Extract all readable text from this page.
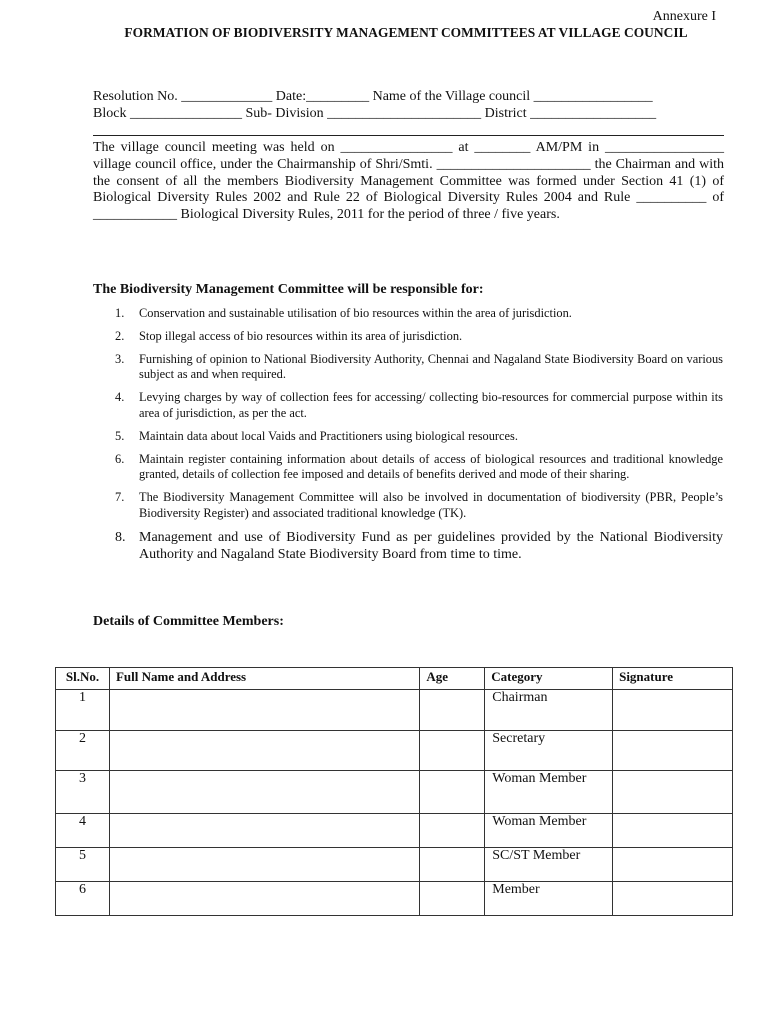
Annexure I
FORMATION OF BIODIVERSITY MANAGEMENT COMMITTEES AT VILLAGE COUNCIL
Resolution No. _____________ Date:_________ Name of the Village council _________________
Block ________________ Sub- Division ______________________ District __________________
The village council meeting was held on ________________ at ________ AM/PM in _________________ village council office, under the Chairmanship of Shri/Smti. ______________________ the Chairman and with the consent of all the members Biodiversity Management Committee was formed under Section 41 (1) of Biological Diversity Rules 2002 and Rule 22 of Biological Diversity Rules 2004 and Rule __________ of ____________ Biological Diversity Rules, 2011 for the period of three / five years.
The Biodiversity Management Committee will be responsible for:
1. Conservation and sustainable utilisation of bio resources within the area of jurisdiction.
2. Stop illegal access of bio resources within its area of jurisdiction.
3. Furnishing of opinion to National Biodiversity Authority, Chennai and Nagaland State Biodiversity Board on various subject as and when required.
4. Levying charges by way of collection fees for accessing/ collecting bio-resources for commercial purpose within its area of jurisdiction, as per the act.
5. Maintain data about local Vaids and Practitioners using biological resources.
6. Maintain register containing information about details of access of biological resources and traditional knowledge granted, details of collection fee imposed and details of benefits derived and mode of their sharing.
7. The Biodiversity Management Committee will also be involved in documentation of biodiversity (PBR, People’s Biodiversity Register) and associated traditional knowledge (TK).
8. Management and use of Biodiversity Fund as per guidelines provided by the National Biodiversity Authority and Nagaland State Biodiversity Board from time to time.
Details of Committee Members:
Sl.No.	Full Name and Address	Age	Category	Signature
1			Chairman	
2			Secretary	
3			Woman Member	
4			Woman Member	
5			SC/ST Member	
6			Member	
